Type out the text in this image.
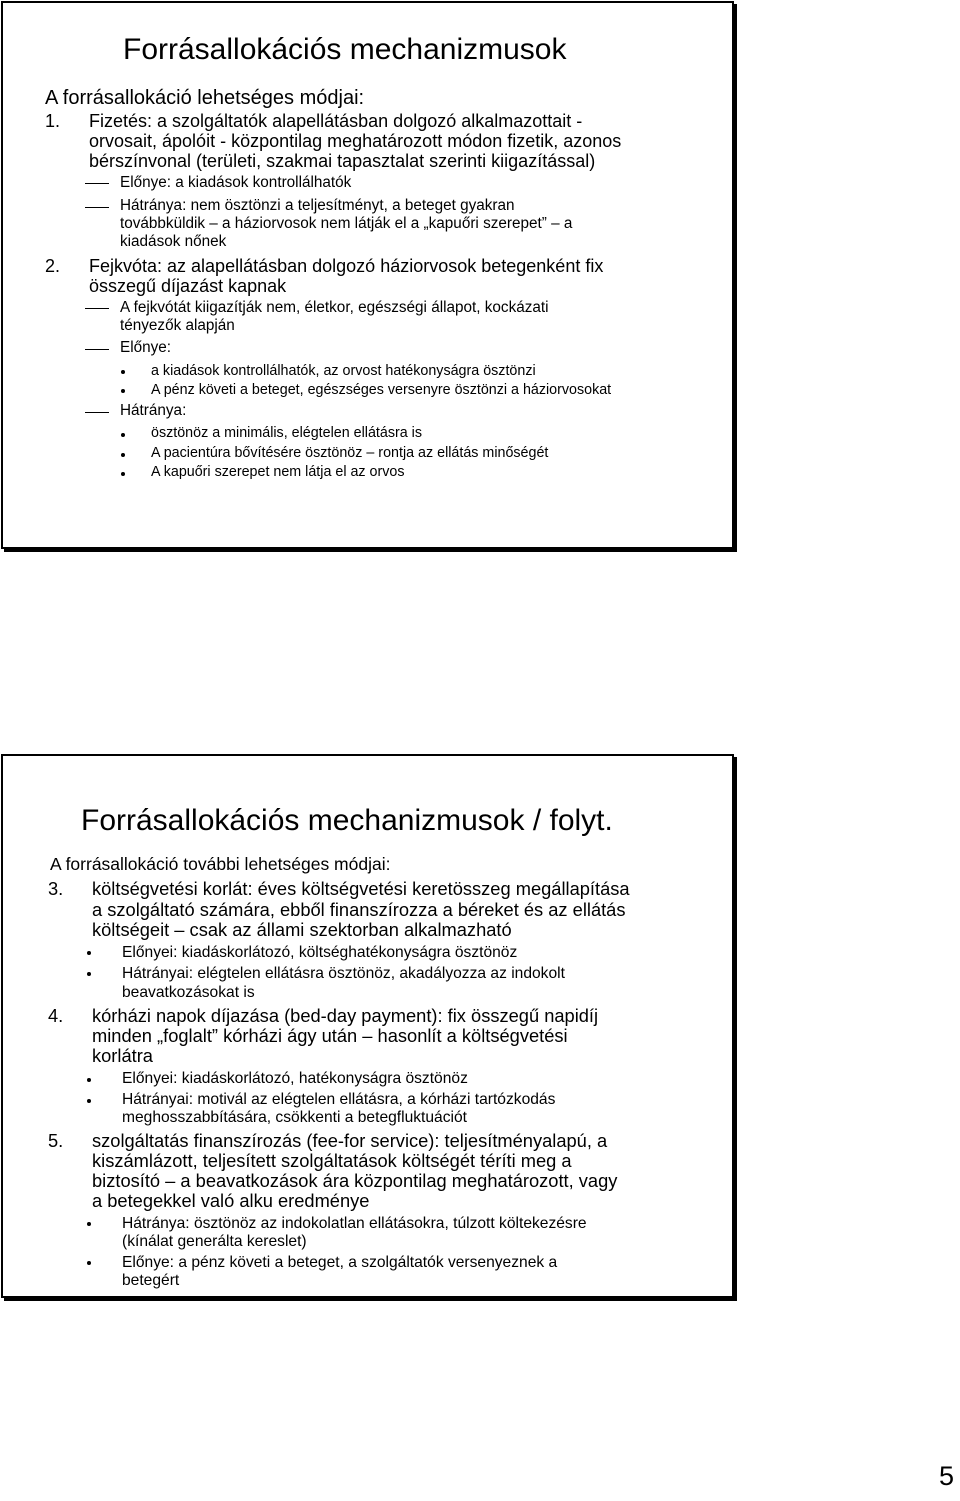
Forrásallokációs mechanizmusok
A forrásallokáció lehetséges módjai:
1. Fizetés: a szolgáltatók alapellátásban dolgozó alkalmazottait -
orvosait, ápolóit - központilag meghatározott módon fizetik, azonos
bérszínvonal (területi, szakmai tapasztalat szerinti kiigazítással)
Előnye: a kiadások kontrollálhatók
Hátránya: nem ösztönzi a teljesítményt, a beteget gyakran
továbbküldik – a háziorvosok nem látják el a „kapuőri szerepet” – a
kiadások nőnek
2. Fejkvóta: az alapellátásban dolgozó háziorvosok betegenként fix
összegű díjazást kapnak
A fejkvótát kiigazítják nem, életkor, egészségi állapot, kockázati
tényezők alapján
Előnye:
a kiadások kontrollálhatók, az orvost hatékonyságra ösztönzi
A pénz követi a beteget, egészséges versenyre ösztönzi a háziorvosokat
Hátránya:
ösztönöz a minimális, elégtelen ellátásra is
A pacientúra bővítésére ösztönöz – rontja az ellátás minőségét
A kapuőri szerepet nem látja el az orvos
Forrásallokációs mechanizmusok / folyt.
A forrásallokáció további lehetséges módjai:
3. költségvetési korlát: éves költségvetési keretösszeg megállapítása
a szolgáltató számára, ebből finanszírozza a béreket és az ellátás
költségeit – csak az állami szektorban alkalmazható
Előnyei: kiadáskorlátozó, költséghatékonyságra ösztönöz
Hátrányai: elégtelen ellátásra ösztönöz, akadályozza az indokolt
beavatkozásokat is
4. kórházi napok díjazása (bed-day payment): fix összegű napidíj
minden „foglalt” kórházi ágy után – hasonlít a költségvetési
korlátra
Előnyei: kiadáskorlátozó, hatékonyságra ösztönöz
Hátrányai: motivál az elégtelen ellátásra, a kórházi tartózkodás
meghosszabbítására, csökkenti a betegfluktuációt
5. szolgáltatás finanszírozás (fee-for service): teljesítményalapú, a
kiszámlázott, teljesített szolgáltatások költségét téríti meg a
biztosító – a beavatkozások ára központilag meghatározott, vagy
a betegekkel való alku eredménye
Hátránya: ösztönöz az indokolatlan ellátásokra, túlzott költekezésre
(kínálat generálta kereslet)
Előnye: a pénz követi a beteget, a szolgáltatók versenyeznek a
betegért
5
